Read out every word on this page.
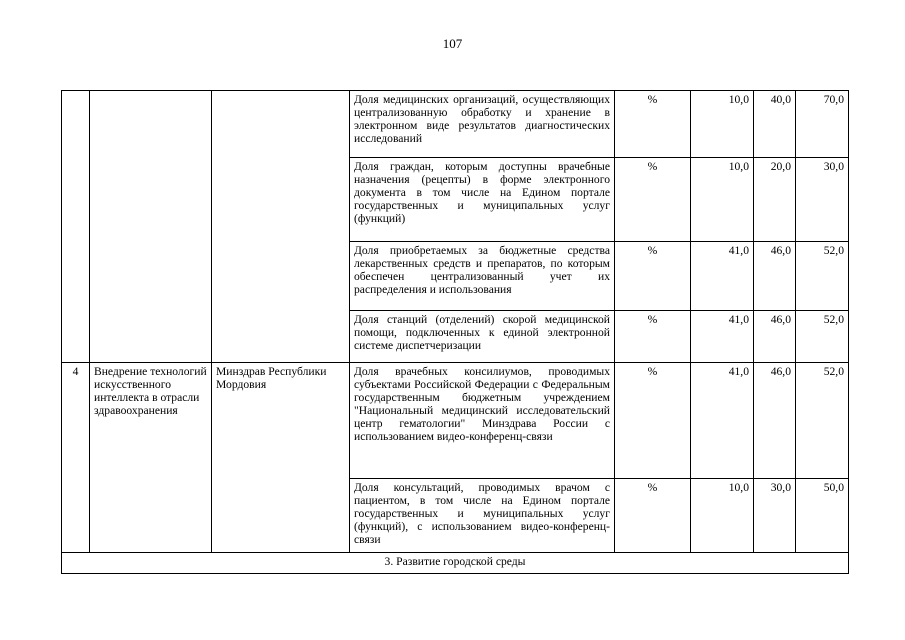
107
			Доля медицинских организаций, осуществляющих централизованную обработку и хранение в электронном виде результатов диагностических исследований	%	10,0	40,0	70,0
			Доля граждан, которым доступны врачебные назначения (рецепты) в форме электронного документа в том числе на Едином портале государственных и муниципальных услуг (функций)	%	10,0	20,0	30,0
			Доля приобретаемых за бюджетные средства лекарственных средств и препаратов, по которым обеспечен централизованный учет их распределения и использования	%	41,0	46,0	52,0
			Доля станций (отделений) скорой медицинской помощи, подключенных к единой электронной системе диспетчеризации	%	41,0	46,0	52,0
4	Внедрение технологий искусственного интеллекта в отрасли здравоохранения	Минздрав Республики Мордовия	Доля врачебных консилиумов, проводимых субъектами Российской Федерации с Федеральным государственным бюджетным учреждением "Национальный медицинский исследовательский центр гематологии" Минздрава России с использованием видео-конференц-связи	%	41,0	46,0	52,0
			Доля консультаций, проводимых врачом с пациентом, в том числе на Едином портале государственных и муниципальных услуг (функций), с использованием видео-конференц-связи	%	10,0	30,0	50,0
3. Развитие городской среды							
